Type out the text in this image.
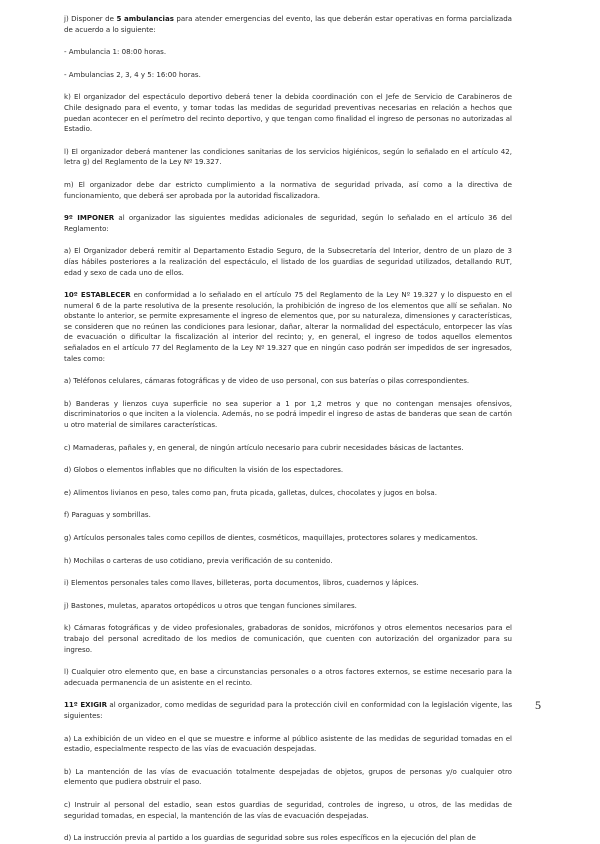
j) Disponer de 5 ambulancias para atender emergencias del evento, las que deberán estar operativas en forma parcializada de acuerdo a lo siguiente:

- Ambulancia 1: 08:00 horas.

- Ambulancias 2, 3, 4 y 5: 16:00 horas.

k) El organizador del espectáculo deportivo deberá tener la debida coordinación con el Jefe de Servicio de Carabineros de Chile designado para el evento, y tomar todas las medidas de seguridad preventivas necesarias en relación a hechos que puedan acontecer en el perímetro del recinto deportivo, y que tengan como finalidad el ingreso de personas no autorizadas al Estadio.

l) El organizador deberá mantener las condiciones sanitarias de los servicios higiénicos, según lo señalado en el artículo 42, letra g) del Reglamento de la Ley Nº 19.327.

m) El organizador debe dar estricto cumplimiento a la normativa de seguridad privada, así como a la directiva de funcionamiento, que deberá ser aprobada por la autoridad fiscalizadora.

9º IMPONER al organizador las siguientes medidas adicionales de seguridad, según lo señalado en el artículo 36 del Reglamento:

a) El Organizador deberá remitir al Departamento Estadio Seguro, de la Subsecretaría del Interior, dentro de un plazo de 3 días hábiles posteriores a la realización del espectáculo, el listado de los guardias de seguridad utilizados, detallando RUT, edad y sexo de cada uno de ellos.

10º ESTABLECER en conformidad a lo señalado en el artículo 75 del Reglamento de la Ley Nº 19.327 y lo dispuesto en el numeral 6 de la parte resolutiva de la presente resolución, la prohibición de ingreso de los elementos que allí se señalan. No obstante lo anterior, se permite expresamente el ingreso de elementos que, por su naturaleza, dimensiones y características, se consideren que no reúnen las condiciones para lesionar, dañar, alterar la normalidad del espectáculo, entorpecer las vías de evacuación o dificultar la fiscalización al interior del recinto; y, en general, el ingreso de todos aquellos elementos señalados en el artículo 77 del Reglamento de la Ley Nº 19.327 que en ningún caso podrán ser impedidos de ser ingresados, tales como:

a) Teléfonos celulares, cámaras fotográficas y de video de uso personal, con sus baterías o pilas correspondientes.

b) Banderas y lienzos cuya superficie no sea superior a 1 por 1,2 metros y que no contengan mensajes ofensivos, discriminatorios o que inciten a la violencia. Además, no se podrá impedir el ingreso de astas de banderas que sean de cartón u otro material de similares características.

c) Mamaderas, pañales y, en general, de ningún artículo necesario para cubrir necesidades básicas de lactantes.

d) Globos o elementos inflables que no dificulten la visión de los espectadores.

e) Alimentos livianos en peso, tales como pan, fruta picada, galletas, dulces, chocolates y jugos en bolsa.

f) Paraguas y sombrillas.

g) Artículos personales tales como cepillos de dientes, cosméticos, maquillajes, protectores solares y medicamentos.

h) Mochilas o carteras de uso cotidiano, previa verificación de su contenido.

i) Elementos personales tales como llaves, billeteras, porta documentos, libros, cuadernos y lápices.

j) Bastones, muletas, aparatos ortopédicos u otros que tengan funciones similares.

k) Cámaras fotográficas y de video profesionales, grabadoras de sonidos, micrófonos y otros elementos necesarios para el trabajo del personal acreditado de los medios de comunicación, que cuenten con autorización del organizador para su ingreso.

l) Cualquier otro elemento que, en base a circunstancias personales o a otros factores externos, se estime necesario para la adecuada permanencia de un asistente en el recinto.

11º EXIGIR al organizador, como medidas de seguridad para la protección civil en conformidad con la legislación vigente, las siguientes:

a) La exhibición de un video en el que se muestre e informe al público asistente de las medidas de seguridad tomadas en el estadio, especialmente respecto de las vías de evacuación despejadas.

b) La mantención de las vías de evacuación totalmente despejadas de objetos, grupos de personas y/o cualquier otro elemento que pudiera obstruir el paso.

c) Instruir al personal del estadio, sean estos guardias de seguridad, controles de ingreso, u otros, de las medidas de seguridad tomadas, en especial, la mantención de las vías de evacuación despejadas.

d) La instrucción previa al partido a los guardias de seguridad sobre sus roles específicos en la ejecución del plan de

5
